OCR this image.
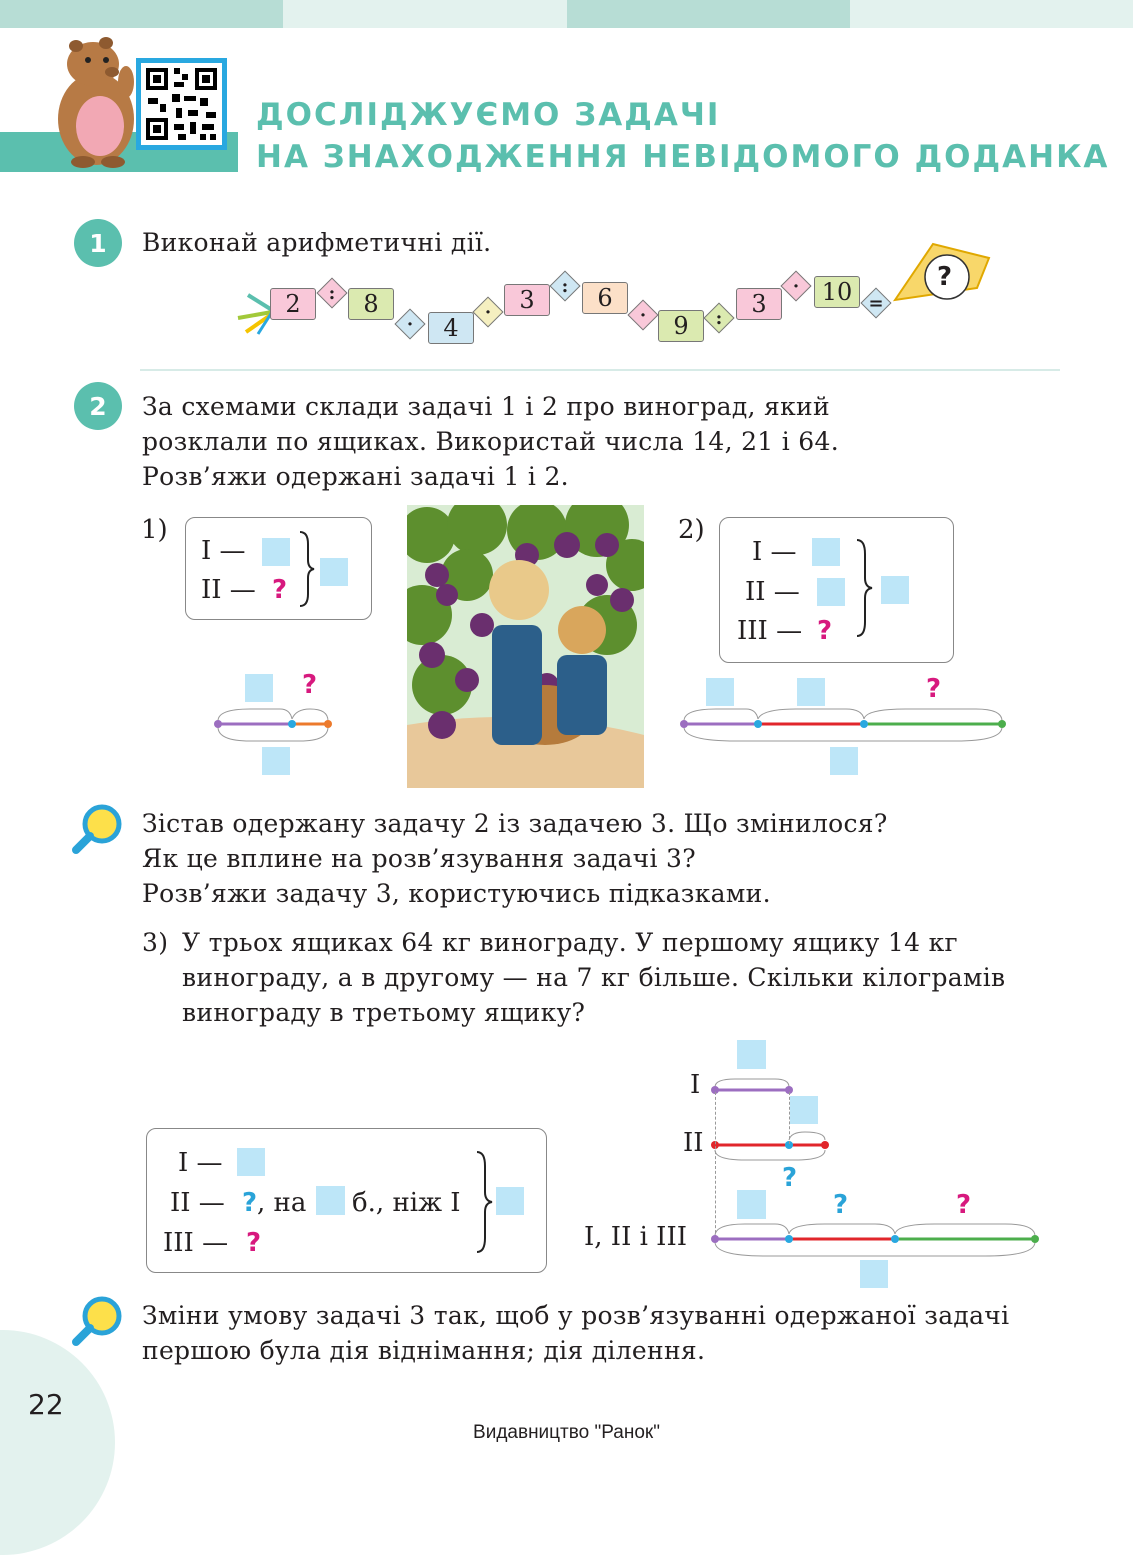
ДОСЛІДЖУЄМО ЗАДАЧІ
НА ЗНАХОДЖЕННЯ НЕВІДОМОГО ДОДАНКА
1	Виконай арифметичні дії.
2	:	8
·	4
·	3	:	6
·	9	:	3
· 10 =
?
2	За схемами склади задачі 1 і 2 про виноград, який
розклали по ящиках. Використай числа 14, 21 і 64.
Розв’яжи одержані задачі 1 і 2.
1)
I —
II — ?
?
2)
I —
II —
III — ?
?
Зістав одержану задачу 2 із задачею 3. Що змінилося?
Як це вплине на розв’язування задачі 3?
Розв’яжи задачу 3, користуючись підказками.
3) У трьох ящиках 64 кг винограду. У першому ящику 14 кг
винограду, а в другому — на 7 кг більше. Скільки кілограмів
винограду в третьому ящику?
I —
II — ? , на б., ніж I
III — ?
I
II
?
?	?
I, II і III
Зміни умову задачі 3 так, щоб у розв’язуванні одержаної задачі
першою була дія віднімання; дія ділення.
22
Видавництво "Ранок"
